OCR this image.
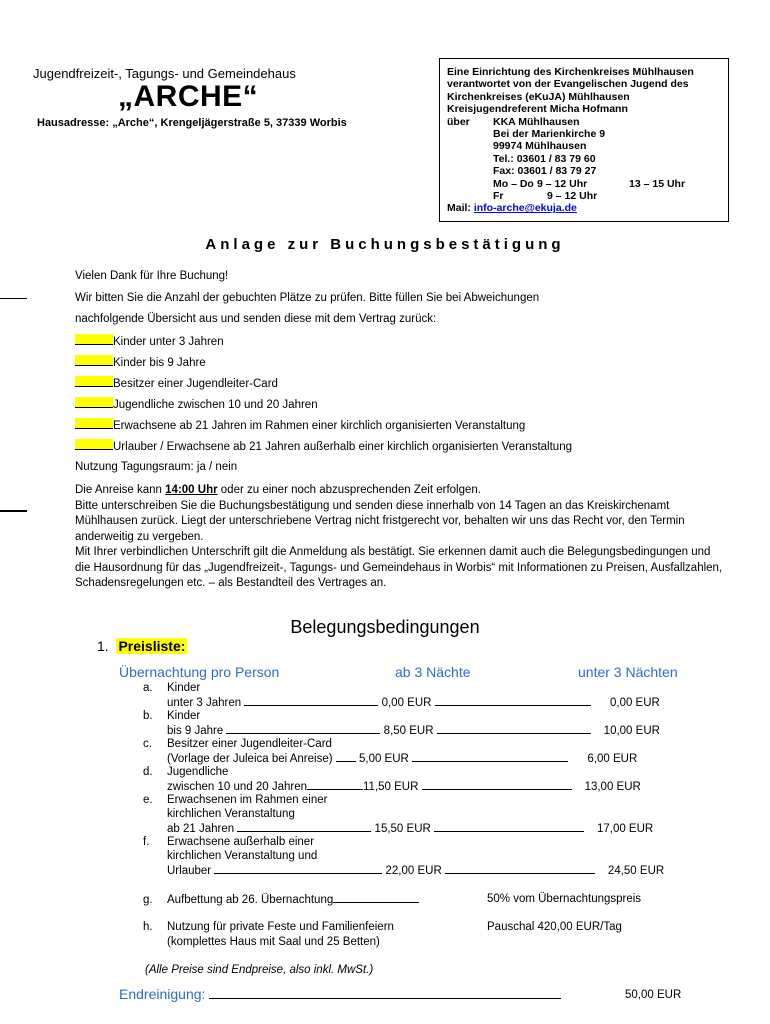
Jugendfreizeit-, Tagungs- und Gemeindehaus
„ARCHE“
Hausadresse: „Arche“, Krengeljägerstraße 5, 37339 Worbis
Eine Einrichtung des Kirchenkreises Mühlhausen
verantwortet von der Evangelischen Jugend des
Kirchenkreises (eKuJA) Mühlhausen
Kreisjugendreferent Micha Hofmann
über KKA Mühlhausen
Bei der Marienkirche 9
99974 Mühlhausen
Tel.: 03601 / 83 79 60
Fax: 03601 / 83 79 27
Mo – Do 9 – 12 Uhr	13 – 15 Uhr
Fr	9 – 12 Uhr
Mail: info-arche@ekuja.de
Anlage zur Buchungsbestätigung
Vielen Dank für Ihre Buchung!
Wir bitten Sie die Anzahl der gebuchten Plätze zu prüfen. Bitte füllen Sie bei Abweichungen
nachfolgende Übersicht aus und senden diese mit dem Vertrag zurück:
Kinder unter 3 Jahren
Kinder bis 9 Jahre
Besitzer einer Jugendleiter-Card
Jugendliche zwischen 10 und 20 Jahren
Erwachsene ab 21 Jahren im Rahmen einer kirchlich organisierten Veranstaltung
Urlauber / Erwachsene ab 21 Jahren außerhalb einer kirchlich organisierten Veranstaltung
Nutzung Tagungsraum: ja / nein
Die Anreise kann 14:00 Uhr oder zu einer noch abzusprechenden Zeit erfolgen.
Bitte unterschreiben Sie die Buchungsbestätigung und senden diese innerhalb von 14 Tagen an das Kreiskirchenamt Mühlhausen zurück. Liegt der unterschriebene Vertrag nicht fristgerecht vor, behalten wir uns das Recht vor, den Termin anderweitig zu vergeben.
Mit Ihrer verbindlichen Unterschrift gilt die Anmeldung als bestätigt. Sie erkennen damit auch die Belegungsbedingungen und die Hausordnung für das „Jugendfreizeit-, Tagungs- und Gemeindehaus in Worbis“ mit Informationen zu Preisen, Ausfallzahlen, Schadensregelungen etc. – als Bestandteil des Vertrages an.
Belegungsbedingungen
1. Preisliste:
Übernachtung pro Person	ab 3 Nächte	unter 3 Nächten
a. Kinder
unter 3 Jahren	0,00 EUR	0,00 EUR
b. Kinder
bis 9 Jahre	8,50 EUR	10,00 EUR
c. Besitzer einer Jugendleiter-Card
(Vorlage der Juleica bei Anreise) 5,00 EUR	6,00 EUR
d. Jugendliche
zwischen 10 und 20 Jahren	11,50 EUR	13,00 EUR
e. Erwachsenen im Rahmen einer
kirchlichen Veranstaltung
ab 21 Jahren	15,50 EUR	17,00 EUR
f. Erwachsene außerhalb einer
kirchlichen Veranstaltung und
Urlauber	22,00 EUR	24,50 EUR
g. Aufbettung ab 26. Übernachtung	50% vom Übernachtungspreis
h. Nutzung für private Feste und Familienfeiern
(komplettes Haus mit Saal und 25 Betten)
Pauschal 420,00 EUR/Tag
(Alle Preise sind Endpreise, also inkl. MwSt.)
Endreinigung:	50,00 EUR
